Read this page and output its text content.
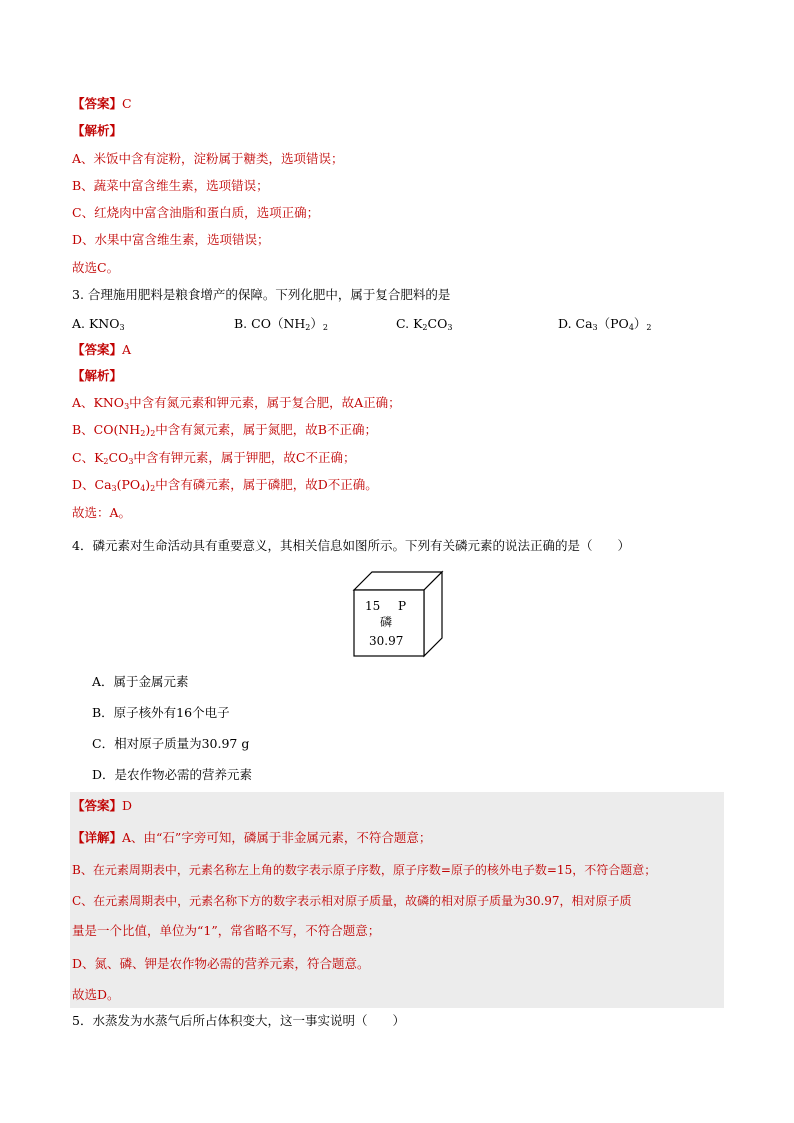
【答案】C
【解析】
A、米饭中含有淀粉，淀粉属于糖类，选项错误；
B、蔬菜中富含维生素，选项错误；
C、红烧肉中富含油脂和蛋白质，选项正确；
D、水果中富含维生素，选项错误；
故选C。
3. 合理施用肥料是粮食增产的保障。下列化肥中，属于复合肥料的是
A. $KNO_3$	B. $CO(NH_2)_2$	C. $K_2CO_3$	D. $Ca_3(PO_4)_2$
【答案】A
【解析】
A、$KNO_3$中含有氮元素和钾元素，属于复合肥，故A正确；
B、$CO(NH_2)_2$中含有氮元素，属于氮肥，故B不正确；
C、$K_2CO_3$中含有钾元素，属于钾肥，故C不正确；
D、$Ca_3(PO_4)_2$中含有磷元素，属于磷肥，故D不正确。
故选：A。
4．磷元素对生命活动具有重要意义，其相关信息如图所示。下列有关磷元素的说法正确的是（　　）
15 P
磷
30.97
A．属于金属元素
B．原子核外有16个电子
C．相对原子质量为30.97 g
D．是农作物必需的营养元素
【答案】D
【详解】A、由“石”字旁可知，磷属于非金属元素，不符合题意；
B、在元素周期表中，元素名称左上角的数字表示原子序数，原子序数=原子的核外电子数=15，不符合题意；
C、在元素周期表中，元素名称下方的数字表示相对原子质量，故磷的相对原子质量为30.97，相对原子质
量是一个比值，单位为“1”，常省略不写，不符合题意；
D、氮、磷、钾是农作物必需的营养元素，符合题意。
故选D。
5．水蒸发为水蒸气后所占体积变大，这一事实说明（　　）
